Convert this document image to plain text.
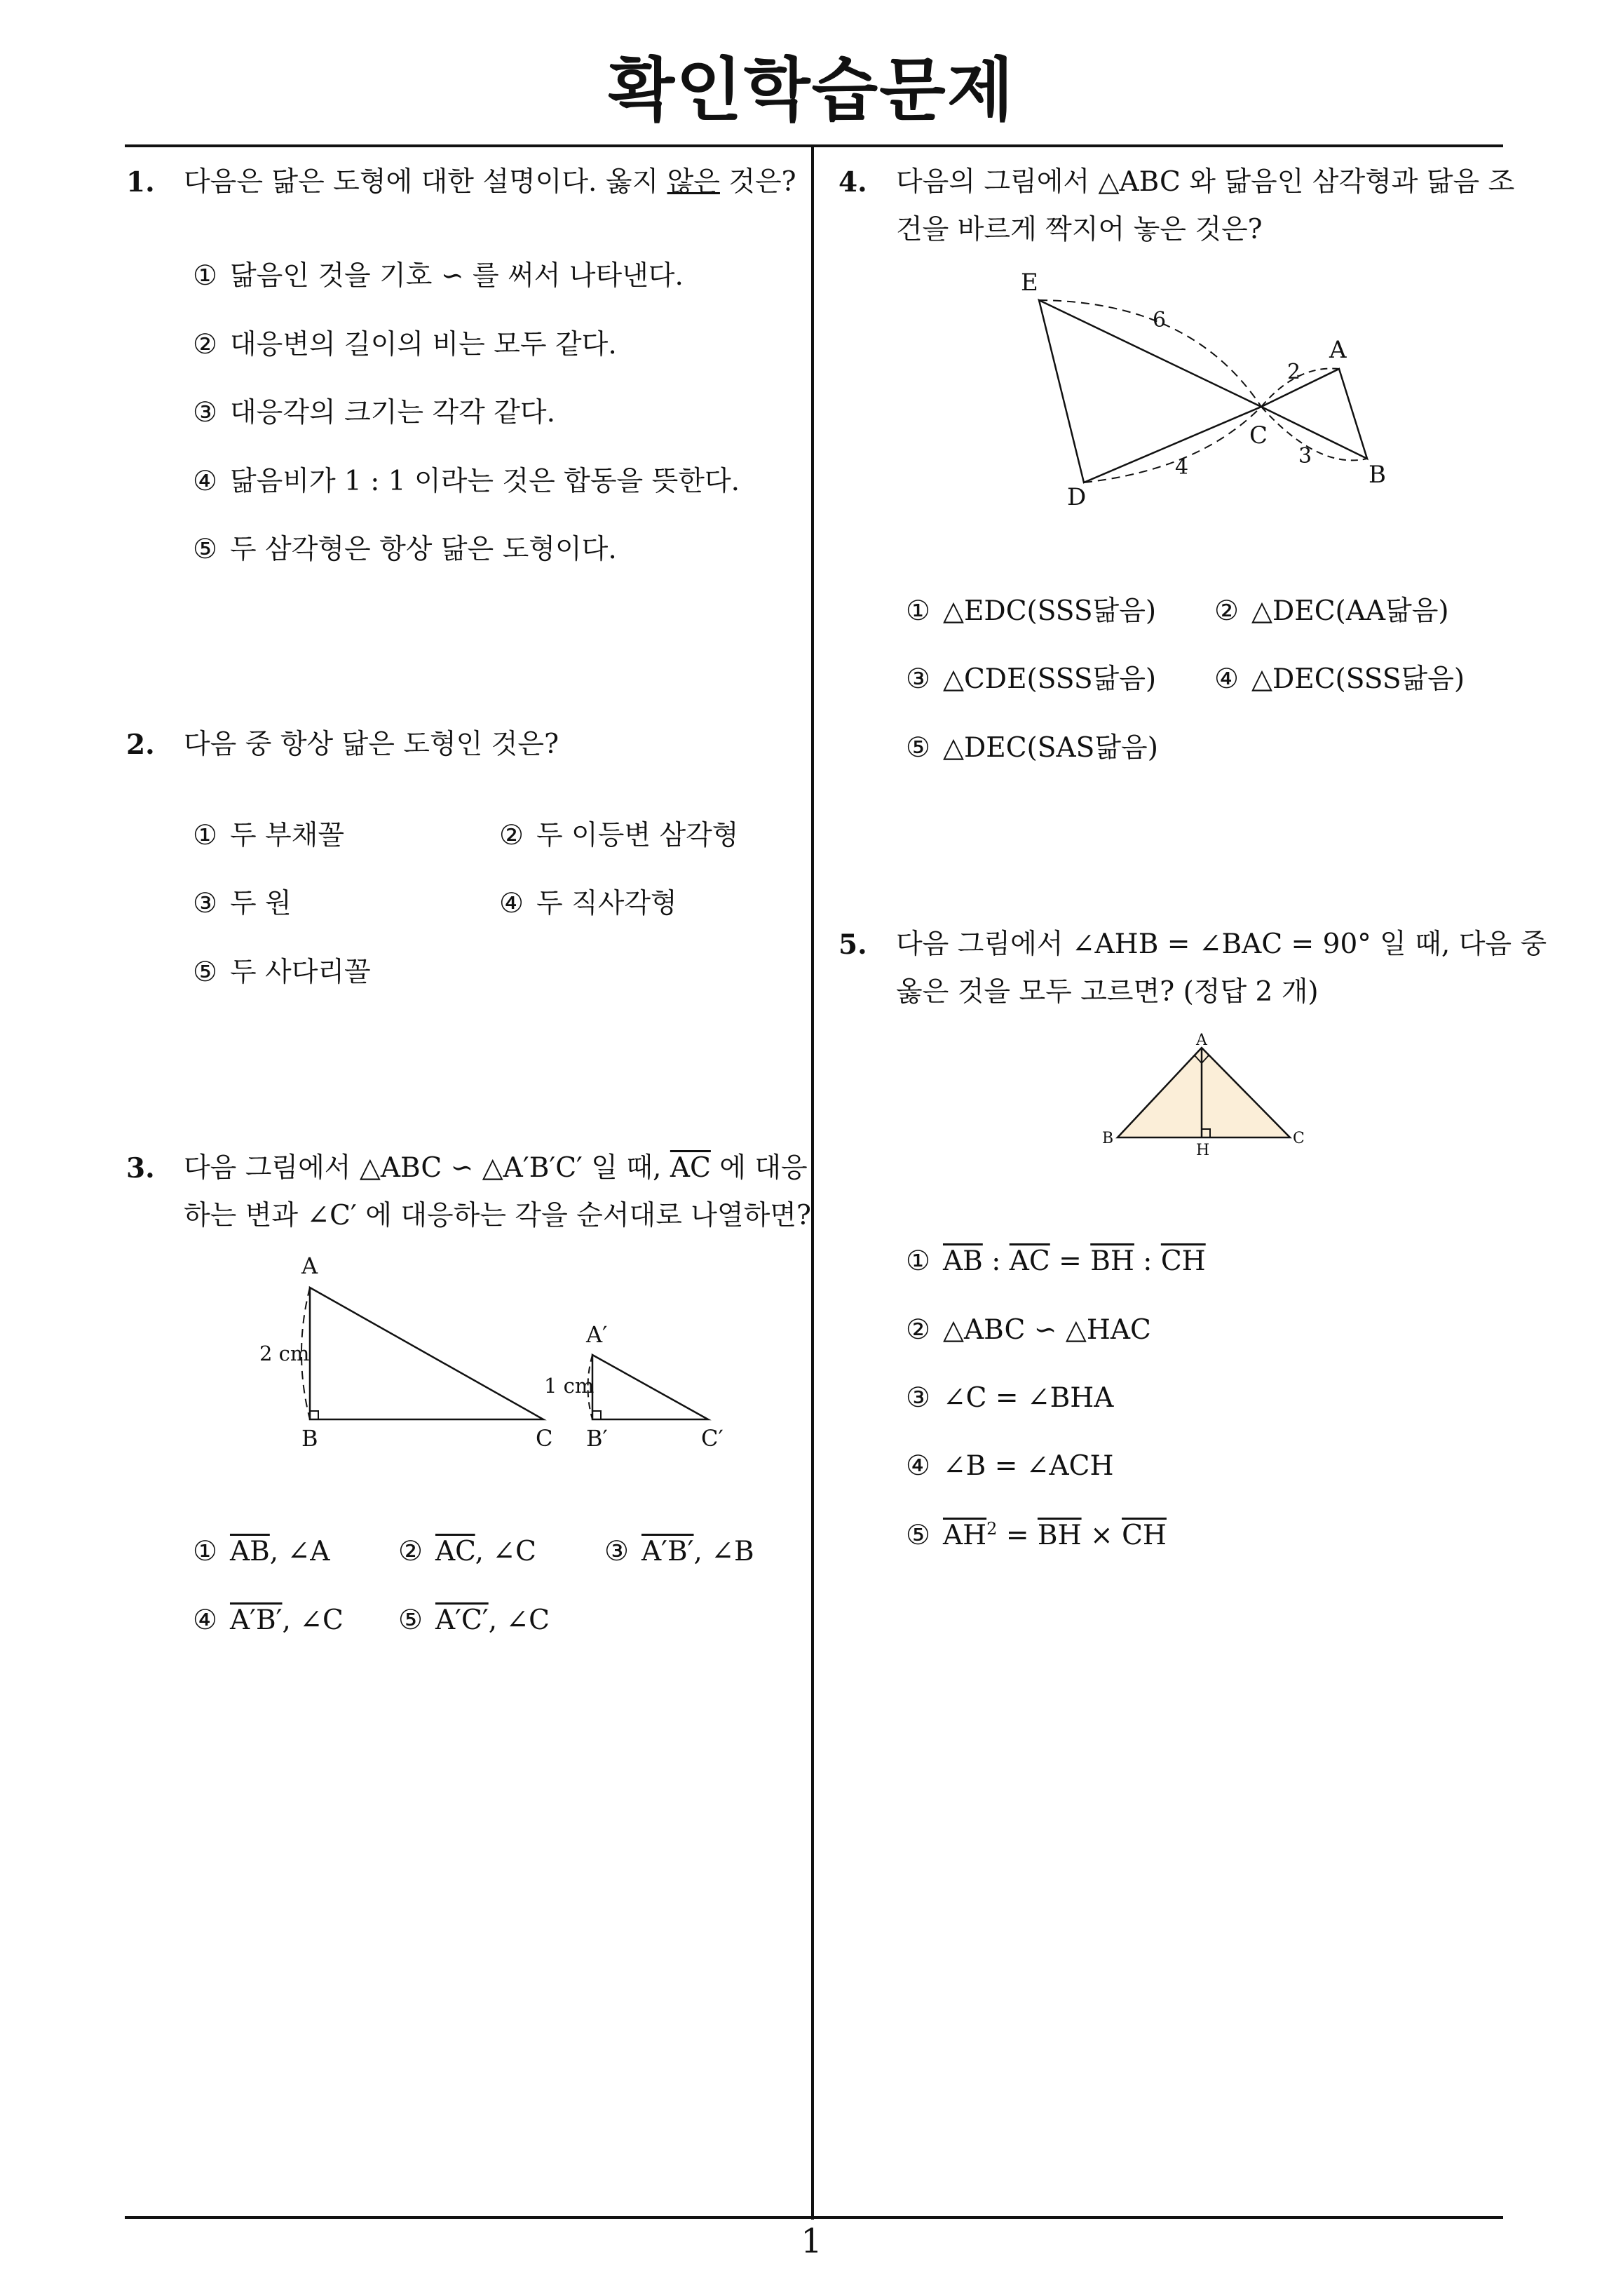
확인학습문제
1
1. 다음은 닮은 도형에 대한 설명이다. 옳지 않은 것은?
① 닮음인 것을 기호 ∽ 를 써서 나타낸다.
② 대응변의 길이의 비는 모두 같다.
③ 대응각의 크기는 각각 같다.
④ 닮음비가 1 : 1 이라는 것은 합동을 뜻한다.
⑤ 두 삼각형은 항상 닮은 도형이다.
2. 다음 중 항상 닮은 도형인 것은?
① 두 부채꼴	② 두 이등변 삼각형
③ 두 원	④ 두 직사각형
⑤ 두 사다리꼴
3. 다음 그림에서 △ABC ∽ △A′B′C′ 일 때, $\overline{AC}$ 에 대응
하는 변과 ∠C′ 에 대응하는 각을 순서대로 나열하면?
A
B	C
2 cm
A′
B′	C′
1 cm
① $\overline{AB}$, ∠A	② $\overline{AC}$, ∠C ③ A′B′, ∠B
④ A′B′, ∠C ⑤ A′C′, ∠C
4. 다음의 그림에서 △ABC 와 닮음인 삼각형과 닮음 조
건을 바르게 짝지어 놓은 것은?
E
A
C
B
D
6
2
3
4
① △EDC(SSS닮음) ② △DEC(AA닮음)
③ △CDE(SSS닮음) ④ △DEC(SSS닮음)
⑤ △DEC(SAS닮음)
5. 다음 그림에서 ∠AHB = ∠BAC = 90° 일 때, 다음 중
옳은 것을 모두 고르면? (정답 2 개)
A
B
H
C
① $\overline{AB}$ : $\overline{AC} = \overline{BH}$ : $\overline{CH}$
② △ABC ∽ △HAC
③ ∠C = ∠BHA
④ ∠B = ∠ACH
⑤ $\overline{AH}^2 = \overline{BH} \times \overline{CH}$
